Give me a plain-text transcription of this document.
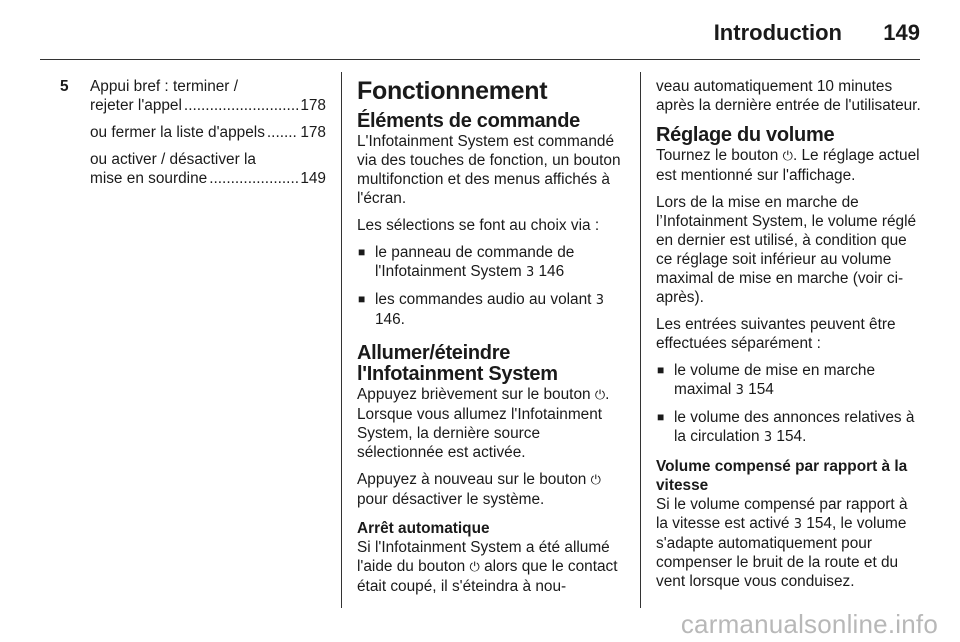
Introduction 149
5 Appui bref : terminer /
rejeter l'appel .....	178
ou fermer la liste d'appels ..... 178
ou activer / désactiver la
mise en sourdine .....	149
Fonctionnement
Éléments de commande

L'Infotainment System est commandé via des touches de fonction, un bouton multifonction et des menus affichés à l'écran.

Les sélections se font au choix via :

■ le panneau de commande de l'Infotainment System 3 146
■ les commandes audio au volant 3 146.
Allumer/éteindre l'Infotainment System

Appuyez brièvement sur le bouton ⏻. Lorsque vous allumez l'Infotainment System, la dernière source sélectionnée est activée.

Appuyez à nouveau sur le bouton ⏻ pour désactiver le système.

Arrêt automatique

Si l'Infotainment System a été allumé l'aide du bouton ⏻ alors que le contact était coupé, il s'éteindra à nou-

veau automatiquement 10 minutes après la dernière entrée de l'utilisateur.

Réglage du volume

Tournez le bouton ⏻. Le réglage actuel est mentionné sur l'affichage.

Lors de la mise en marche de l’Infotainment System, le volume réglé en dernier est utilisé, à condition que ce réglage soit inférieur au volume maximal de mise en marche (voir ci-après).

Les entrées suivantes peuvent être effectuées séparément :

■ le volume de mise en marche maximal 3 154
■ le volume des annonces relatives à la circulation 3 154.
Volume compensé par rapport à la vitesse

Si le volume compensé par rapport à la vitesse est activé 3 154, le volume s'adapte automatiquement pour compenser le bruit de la route et du vent lorsque vous conduisez.

carmanualsonline.info
